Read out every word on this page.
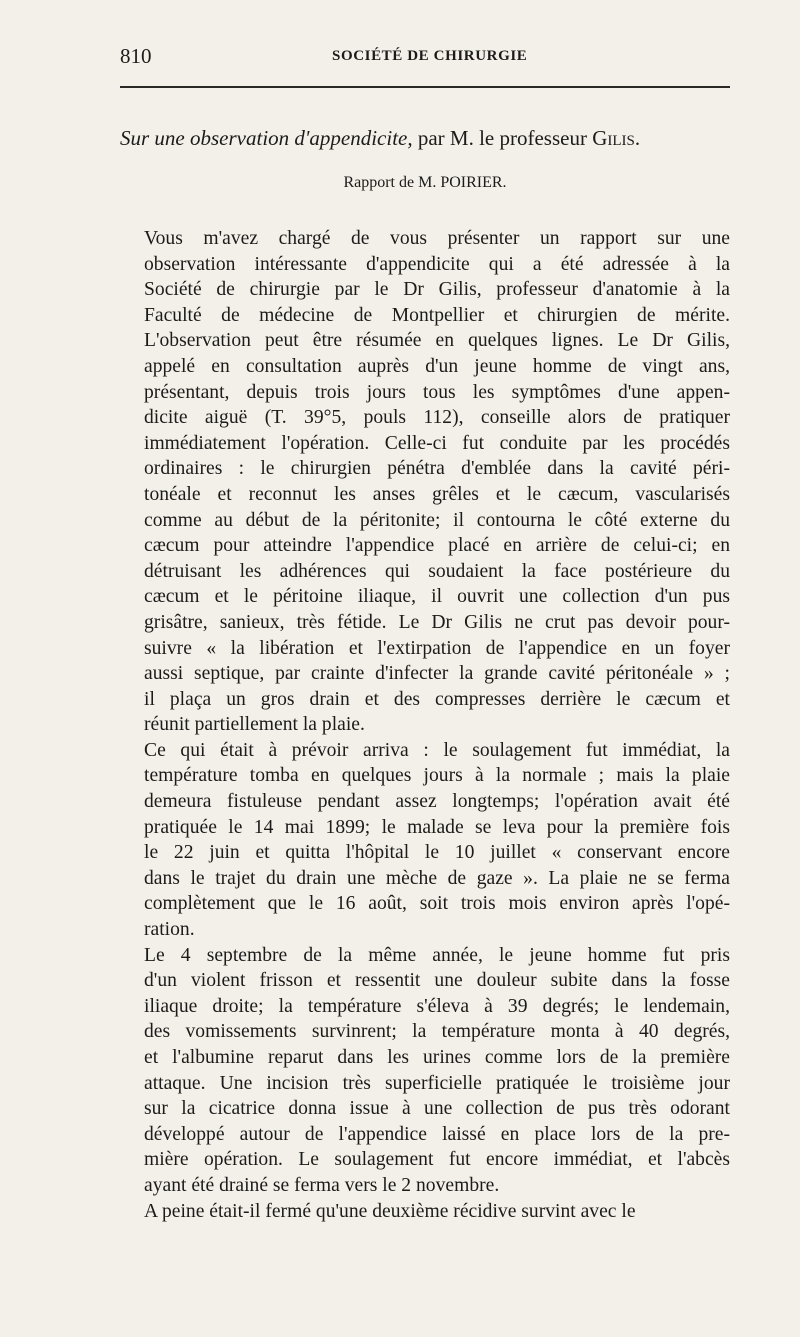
810	SOCIÉTÉ DE CHIRURGIE
Sur une observation d'appendicite, par M. le professeur Gilis.
Rapport de M. POIRIER.

Vous m'avez chargé de vous présenter un rapport sur une
observation intéressante d'appendicite qui a été adressée à la
Société de chirurgie par le Dr Gilis, professeur d'anatomie à la
Faculté de médecine de Montpellier et chirurgien de mérite.
L'observation peut être résumée en quelques lignes. Le Dr Gilis,
appelé en consultation auprès d'un jeune homme de vingt ans,
présentant, depuis trois jours tous les symptômes d'une appen-
dicite aiguë (T. 39°5, pouls 112), conseille alors de pratiquer
immédiatement l'opération. Celle-ci fut conduite par les procédés
ordinaires : le chirurgien pénétra d'emblée dans la cavité péri-
tonéale et reconnut les anses grêles et le cæcum, vascularisés
comme au début de la péritonite; il contourna le côté externe du
cæcum pour atteindre l'appendice placé en arrière de celui-ci; en
détruisant les adhérences qui soudaient la face postérieure du
cæcum et le péritoine iliaque, il ouvrit une collection d'un pus
grisâtre, sanieux, très fétide. Le Dr Gilis ne crut pas devoir pour-
suivre « la libération et l'extirpation de l'appendice en un foyer
aussi septique, par crainte d'infecter la grande cavité péritonéale » ;
il plaça un gros drain et des compresses derrière le cæcum et
réunit partiellement la plaie.

Ce qui était à prévoir arriva : le soulagement fut immédiat, la
température tomba en quelques jours à la normale ; mais la plaie
demeura fistuleuse pendant assez longtemps; l'opération avait été
pratiquée le 14 mai 1899; le malade se leva pour la première fois
le 22 juin et quitta l'hôpital le 10 juillet « conservant encore
dans le trajet du drain une mèche de gaze ». La plaie ne se ferma
complètement que le 16 août, soit trois mois environ après l'opé-
ration.

Le 4 septembre de la même année, le jeune homme fut pris
d'un violent frisson et ressentit une douleur subite dans la fosse
iliaque droite; la température s'éleva à 39 degrés; le lendemain,
des vomissements survinrent; la température monta à 40 degrés,
et l'albumine reparut dans les urines comme lors de la première
attaque. Une incision très superficielle pratiquée le troisième jour
sur la cicatrice donna issue à une collection de pus très odorant
développé autour de l'appendice laissé en place lors de la pre-
mière opération. Le soulagement fut encore immédiat, et l'abcès
ayant été drainé se ferma vers le 2 novembre.

A peine était-il fermé qu'une deuxième récidive survint avec le
